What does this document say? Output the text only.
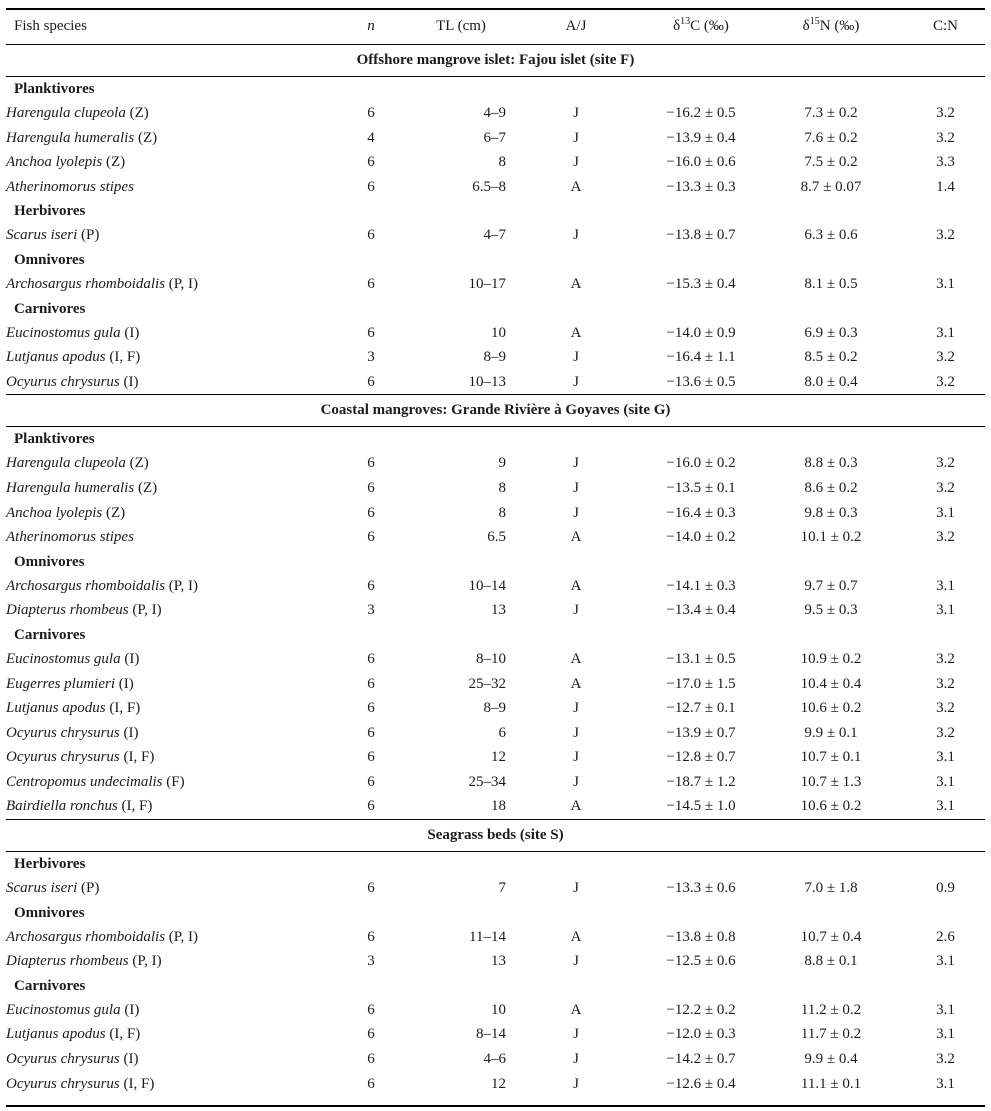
Fish species	n	TL (cm)	A/J	$\delta^{13}C$ (‰)	$\delta^{15}N$ (‰)	C:N
Offshore mangrove islet: Fajou islet (site F)						
Planktivores						
Harengula clupeola (Z)	6	4–9	J	−16.2 ± 0.5	7.3 ± 0.2	3.2
Harengula humeralis (Z)	4	6–7	J	−13.9 ± 0.4	7.6 ± 0.2	3.2
Anchoa lyolepis (Z)	6	8	J	−16.0 ± 0.6	7.5 ± 0.2	3.3
Atherinomorus stipes	6	6.5–8	A	−13.3 ± 0.3	8.7 ± 0.07	1.4
Herbivores						
Scarus iseri (P)	6	4–7	J	−13.8 ± 0.7	6.3 ± 0.6	3.2
Omnivores						
Archosargus rhomboidalis (P, I)	6	10–17	A	−15.3 ± 0.4	8.1 ± 0.5	3.1
Carnivores						
Eucinostomus gula (I)	6	10	A	−14.0 ± 0.9	6.9 ± 0.3	3.1
Lutjanus apodus (I, F)	3	8–9	J	−16.4 ± 1.1	8.5 ± 0.2	3.2
Ocyurus chrysurus (I)	6	10–13	J	−13.6 ± 0.5	8.0 ± 0.4	3.2
Coastal mangroves: Grande Rivière à Goyaves (site G)						
Planktivores						
Harengula clupeola (Z)	6	9	J	−16.0 ± 0.2	8.8 ± 0.3	3.2
Harengula humeralis (Z)	6	8	J	−13.5 ± 0.1	8.6 ± 0.2	3.2
Anchoa lyolepis (Z)	6	8	J	−16.4 ± 0.3	9.8 ± 0.3	3.1
Atherinomorus stipes	6	6.5	A	−14.0 ± 0.2	10.1 ± 0.2	3.2
Omnivores						
Archosargus rhomboidalis (P, I)	6	10–14	A	−14.1 ± 0.3	9.7 ± 0.7	3.1
Diapterus rhombeus (P, I)	3	13	J	−13.4 ± 0.4	9.5 ± 0.3	3.1
Carnivores						
Eucinostomus gula (I)	6	8–10	A	−13.1 ± 0.5	10.9 ± 0.2	3.2
Eugerres plumieri (I)	6	25–32	A	−17.0 ± 1.5	10.4 ± 0.4	3.2
Lutjanus apodus (I, F)	6	8–9	J	−12.7 ± 0.1	10.6 ± 0.2	3.2
Ocyurus chrysurus (I)	6	6	J	−13.9 ± 0.7	9.9 ± 0.1	3.2
Ocyurus chrysurus (I, F)	6	12	J	−12.8 ± 0.7	10.7 ± 0.1	3.1
Centropomus undecimalis (F)	6	25–34	J	−18.7 ± 1.2	10.7 ± 1.3	3.1
Bairdiella ronchus (I, F)	6	18	A	−14.5 ± 1.0	10.6 ± 0.2	3.1
Seagrass beds (site S)						
Herbivores						
Scarus iseri (P)	6	7	J	−13.3 ± 0.6	7.0 ± 1.8	0.9
Omnivores						
Archosargus rhomboidalis (P, I)	6	11–14	A	−13.8 ± 0.8	10.7 ± 0.4	2.6
Diapterus rhombeus (P, I)	3	13	J	−12.5 ± 0.6	8.8 ± 0.1	3.1
Carnivores						
Eucinostomus gula (I)	6	10	A	−12.2 ± 0.2	11.2 ± 0.2	3.1
Lutjanus apodus (I, F)	6	8–14	J	−12.0 ± 0.3	11.7 ± 0.2	3.1
Ocyurus chrysurus (I)	6	4–6	J	−14.2 ± 0.7	9.9 ± 0.4	3.2
Ocyurus chrysurus (I, F)	6	12	J	−12.6 ± 0.4	11.1 ± 0.1	3.1
